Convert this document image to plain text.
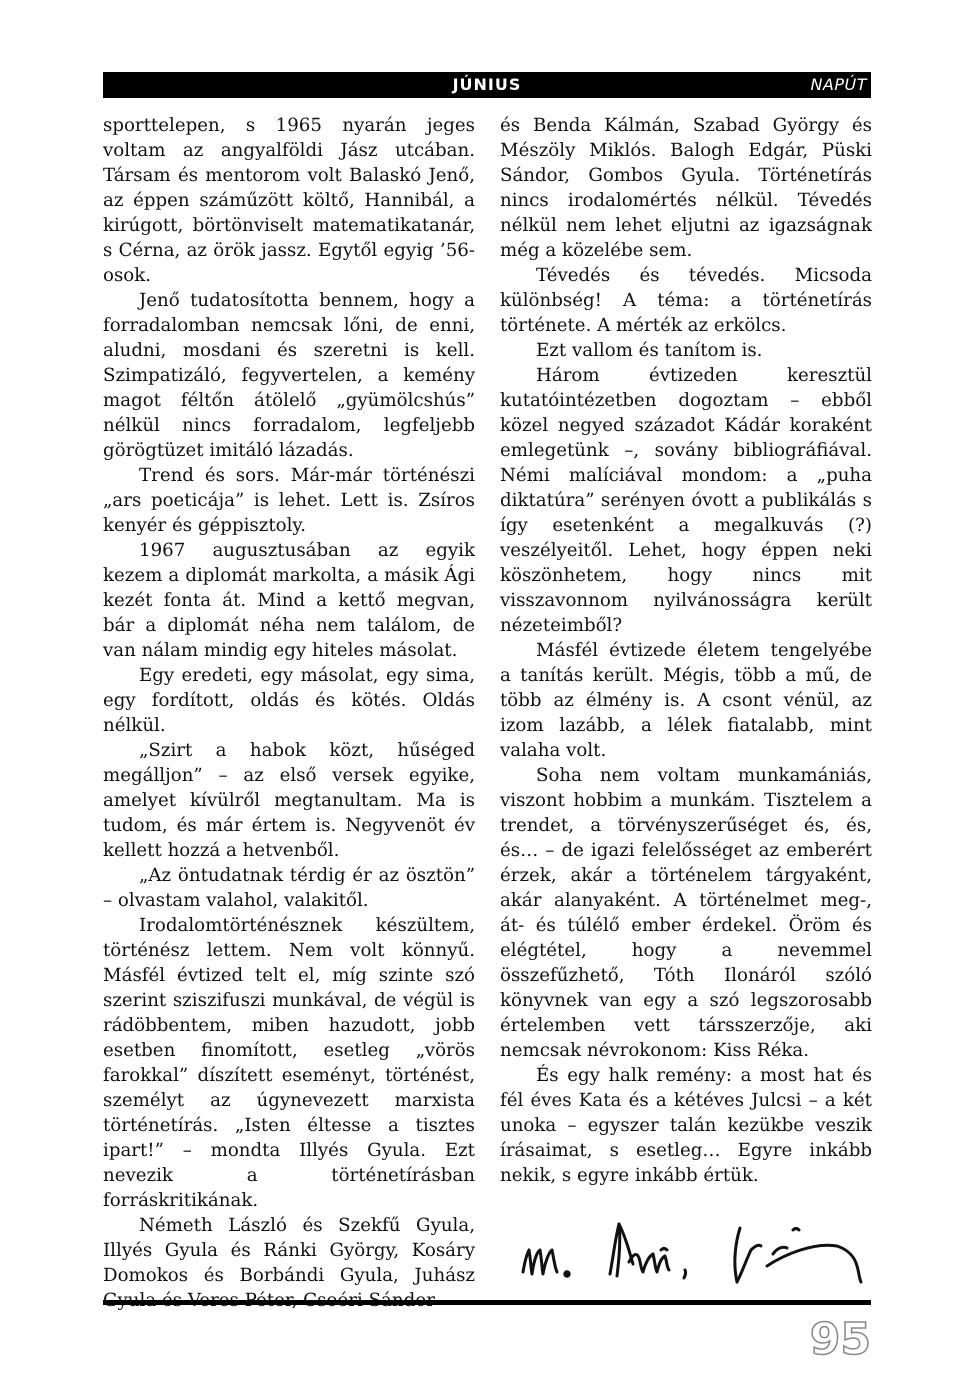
JÚNIUS	NAPÚT

sporttelepen, s 1965 nyarán jeges voltam az angyalföldi Jász utcában. Társam és mentorom volt Balaskó Jenő, az éppen száműzött költő, Hannibál, a kirúgott, börtönviselt matematikatanár, s Cérna, az örök jassz. Egytől egyig ’56-osok.

Jenő tudatosította bennem, hogy a forradalomban nemcsak lőni, de enni, aludni, mosdani és szeretni is kell. Szimpatizáló, fegyvertelen, a kemény magot féltőn átölelő „gyümölcshús” nélkül nincs forradalom, legfeljebb görögtüzet imitáló lázadás.

Trend és sors. Már-már történészi „ars poeticája” is lehet. Lett is. Zsíros kenyér és géppisztoly.

1967 augusztusában az egyik kezem a diplomát markolta, a másik Ági kezét fonta át. Mind a kettő megvan, bár a diplomát néha nem találom, de van nálam mindig egy hiteles másolat.

Egy eredeti, egy másolat, egy sima, egy fordított, oldás és kötés. Oldás nélkül.

„Szirt a habok közt, hűséged megálljon” – az első versek egyike, amelyet kívülről megtanultam. Ma is tudom, és már értem is. Negyvenöt év kellett hozzá a hetvenből.

„Az öntudatnak térdig ér az ösztön” – olvastam valahol, valakitől.

Irodalomtörténésznek készültem, történész lettem. Nem volt könnyű. Másfél évtized telt el, míg szinte szó szerint sziszifuszi munkával, de végül is rádöbbentem, miben hazudott, jobb esetben finomított, esetleg „vörös farokkal” díszített eseményt, történést, személyt az úgynevezett marxista történetírás. „Isten éltesse a tisztes ipart!” – mondta Illyés Gyula. Ezt nevezik a történetírásban forráskritikának.

Németh László és Szekfű Gyula, Illyés Gyula és Ránki György, Kosáry Domokos és Borbándi Gyula, Juhász

és Benda Kálmán, Szabad György és Mészöly Miklós. Balogh Edgár, Püski Sándor, Gombos Gyula. Történetírás nincs irodalomértés nélkül. Tévedés nélkül nem lehet eljutni az igazságnak még a közelébe sem.

Tévedés és tévedés. Micsoda különbség! A téma: a történetírás története. A mérték az erkölcs.

Ezt vallom és tanítom is.

Három évtizeden keresztül kutatóintézetben dogoztam – ebből közel negyed századot Kádár koraként emlegetünk –, sovány bibliográfiával. Némi malíciával mondom: a „puha diktatúra” serényen óvott a publikálás s így esetenként a megalkuvás (?) veszélyeitől. Lehet, hogy éppen neki köszönhetem, hogy nincs mit visszavonnom nyilvánosságra került nézeteimből?

Másfél évtizede életem tengelyébe a tanítás került. Mégis, több a mű, de több az élmény is. A csont vénül, az izom lazább, a lélek fiatalabb, mint valaha volt.

Soha nem voltam munkamániás, viszont hobbim a munkám. Tisztelem a trendet, a törvényszerűséget és, és, és… – de igazi felelősséget az emberért érzek, akár a történelem tárgyaként, akár alanyaként. A történelmet meg-, át- és túlélő ember érdekel. Öröm és elégtétel, hogy a nevemmel összefűzhető, Tóth Ilonáról szóló könyvnek van egy a szó legszorosabb értelemben vett társszerzője, aki nemcsak névrokonom: Kiss Réka.

És egy halk remény: a most hat és fél éves Kata és a kétéves Julcsi – a két unoka – egyszer talán kezükbe veszik írásaimat, s esetleg… Egyre inkább nekik, s egyre inkább értük.

95
